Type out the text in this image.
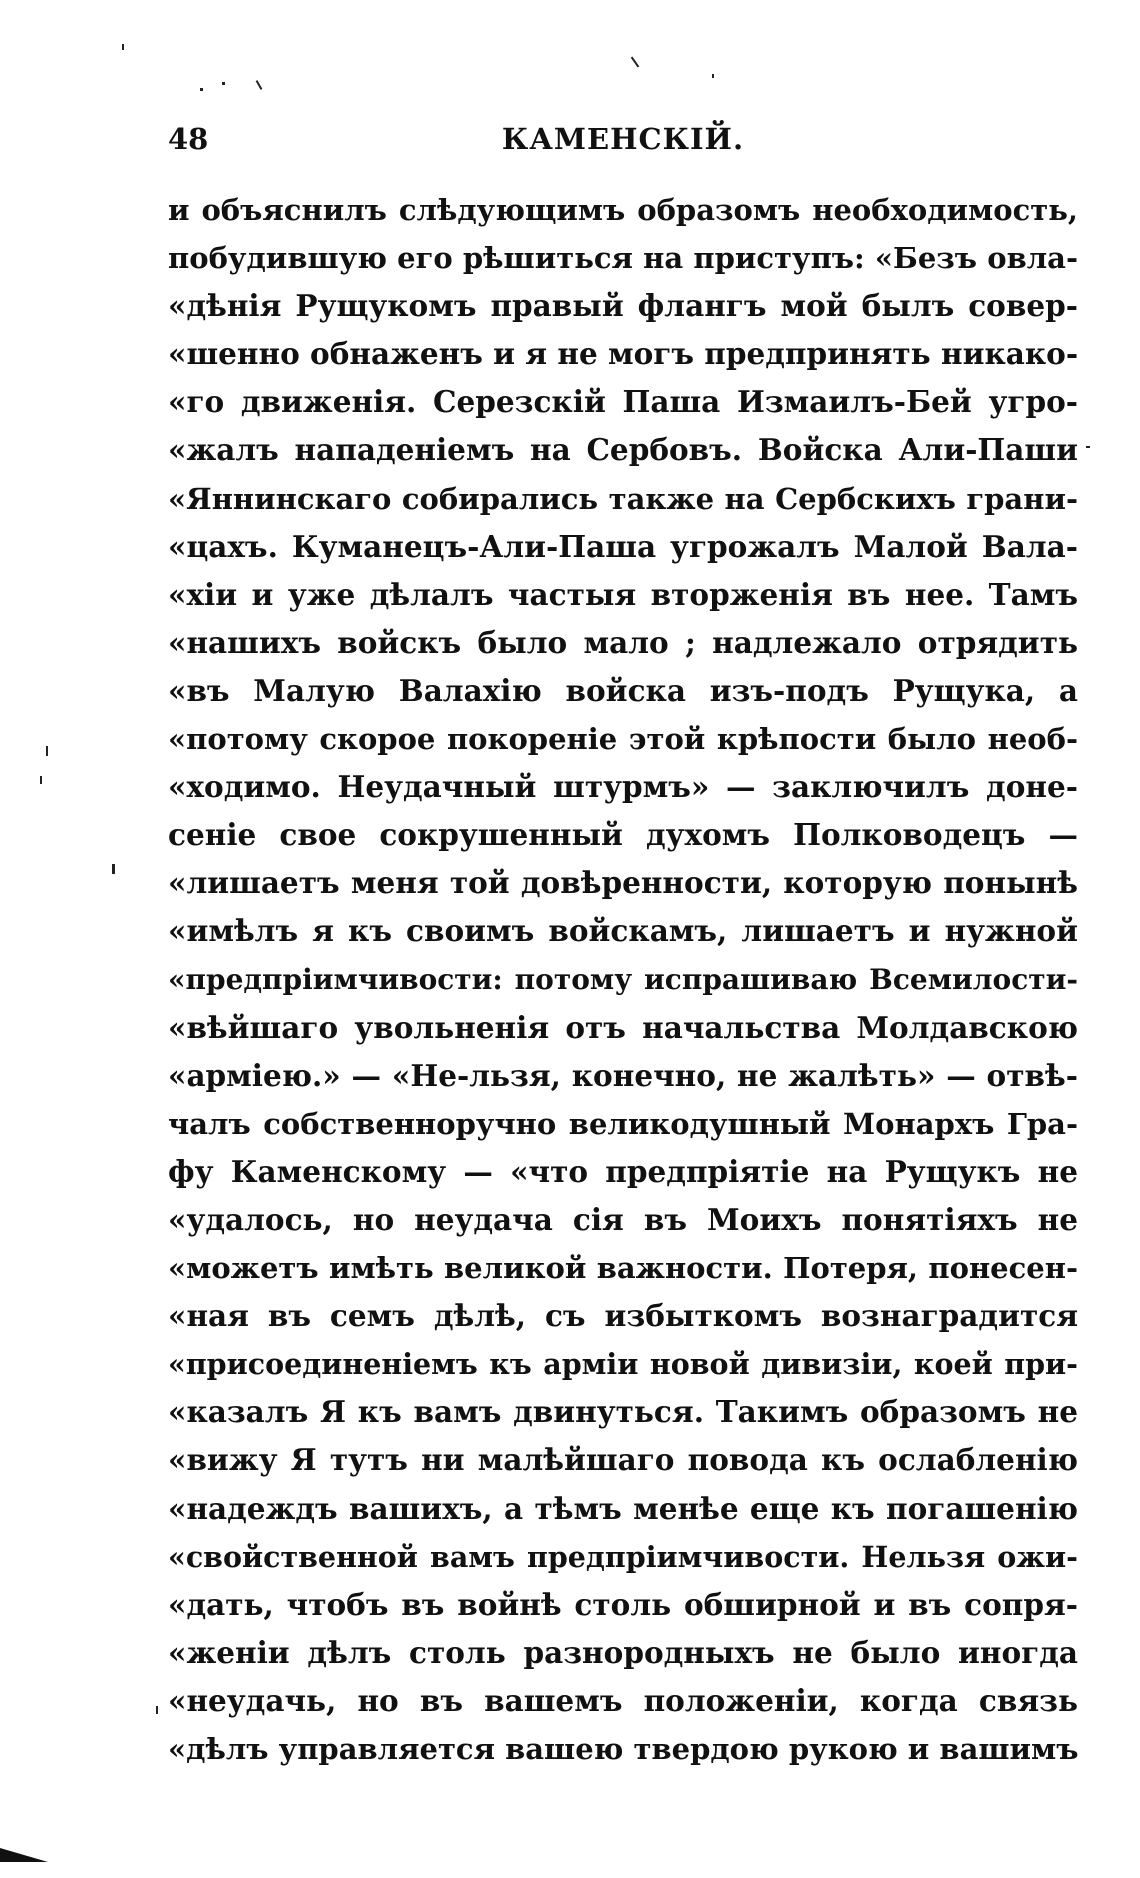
48	КАМЕНСКІЙ.
и объяснилъ слѣдующимъ образомъ необходимость,
побудившую его рѣшиться на приступъ: «Безъ овла-
«дѣнія Рущукомъ правый флангъ мой былъ совер-
«шенно обнаженъ и я не могъ предпринять никако-
«го движенія. Серезскій Паша Измаилъ-Бей угро-
«жалъ нападеніемъ на Сербовъ. Войска Али-Паши
«Яннинскаго собирались также на Сербскихъ грани-
«цахъ. Куманецъ-Али-Паша угрожалъ Малой Вала-
«хіи и уже дѣлалъ частыя вторженія въ нее. Тамъ
«нашихъ войскъ было мало ; надлежало отрядить
«въ Малую Валахію войска изъ-подъ Рущука, а
«потому скорое покореніе этой крѣпости было необ-
«ходимо. Неудачный штурмъ» — заключилъ донe-
сеніе свое сокрушенный духомъ Полководецъ —
«лишаетъ меня той довѣренности, которую понынѣ
«имѣлъ я къ своимъ войскамъ, лишаетъ и нужной
«предпріимчивости: потому испрашиваю Всемилости-
«вѣйшаго увольненія отъ начальства Молдавскою
«арміею.» — «Не-льзя, конечно, не жалѣть» — отвѣ-
чалъ собственноручно великодушный Монархъ Гра-
фу Каменскому — «что предпріятіе на Рущукъ не
«удалось, но неудача сія въ Моихъ понятіяхъ не
«можетъ имѣть великой важности. Потеря, понесен-
«ная въ семъ дѣлѣ, съ избыткомъ вознаградится
«присоединеніемъ къ арміи новой дивизіи, коей при-
«казалъ Я къ вамъ двинуться. Такимъ образомъ не
«вижу Я тутъ ни малѣйшаго повода къ ослабленію
«надеждъ вашихъ, а тѣмъ менѣе еще къ погашенію
«свойственной вамъ предпріимчивости. Нельзя ожи-
«дать, чтобъ въ войнѣ столь обширной и въ сопря-
«женіи дѣлъ столь разнородныхъ не было иногда
«неудачь, но въ вашемъ положеніи, когда связь
«дѣлъ управляется вашею твердою рукою и вашимъ
